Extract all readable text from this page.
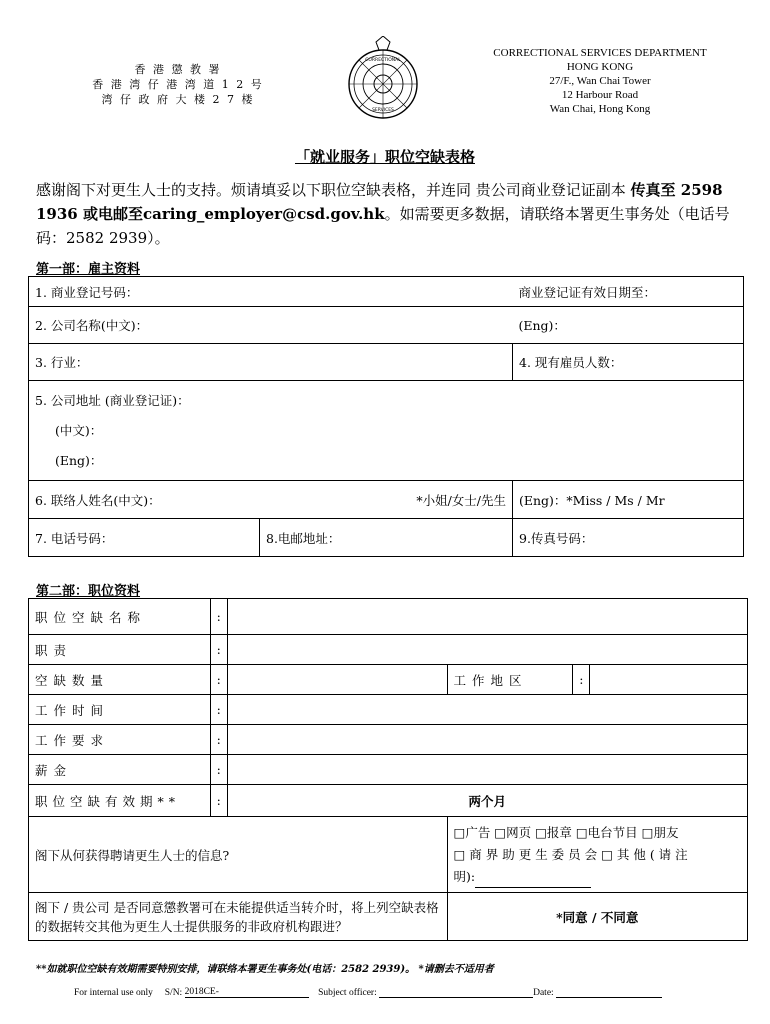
香 港 懲 教 署
香 港 湾 仔 港 湾 道 1 2 号
湾 仔 政 府 大 楼 2 7 楼
CORRECTIONAL
SERVICES
CORRECTIONAL SERVICES DEPARTMENT
HONG KONG
27/F., Wan Chai Tower
12 Harbour Road
Wan Chai, Hong Kong
「就业服务」职位空缺表格
感谢阁下对更生人士的支持。烦请填妥以下职位空缺表格，并连同 贵公司商业登记证副本 传真至 2598 1936 或电邮至caring_employer@csd.gov.hk。如需要更多数据，请联络本署更生事务处（电话号码：2582 2939）。
第一部：雇主资料
1. 商业登记号码：			商业登记证有效日期至：
2. 公司名称(中文)：			(Eng)：
3. 行业：			4. 现有雇员人数：

5. 公司地址 (商业登记证)：
(中文)：
(Eng)：			

6. 联络人姓名(中文)：		*小姐/女士/先生	(Eng)：*Miss / Ms / Mr
7. 电话号码：	8.电邮地址：		9.传真号码：
第二部：职位资料
职位空缺名称	:				
职责	:				
空缺数量	:		工作地区	:	
工作时间	:				
工作要求	:				
薪金	:				
职位空缺有效期**	:	两个月			
阁下从何获得聘请更生人士的信息?			□广告 □网页 □报章 □电台节目 □朋友
□ 商 界 助 更 生 委 员 会 □ 其 他 ( 请 注
明):		

阁下 / 贵公司 是否同意懲教署可在未能提供适当转介时，将上列空缺表格的数据转交其他为更生人士提供服务的非政府机构跟进？			*同意 / 不同意		
**如就职位空缺有效期需要特别安排，请联络本署更生事务处(电话：2582 2939)。 *请删去不适用者
For internal use only S/N: 2018CE-	Subject officer:	Date:
